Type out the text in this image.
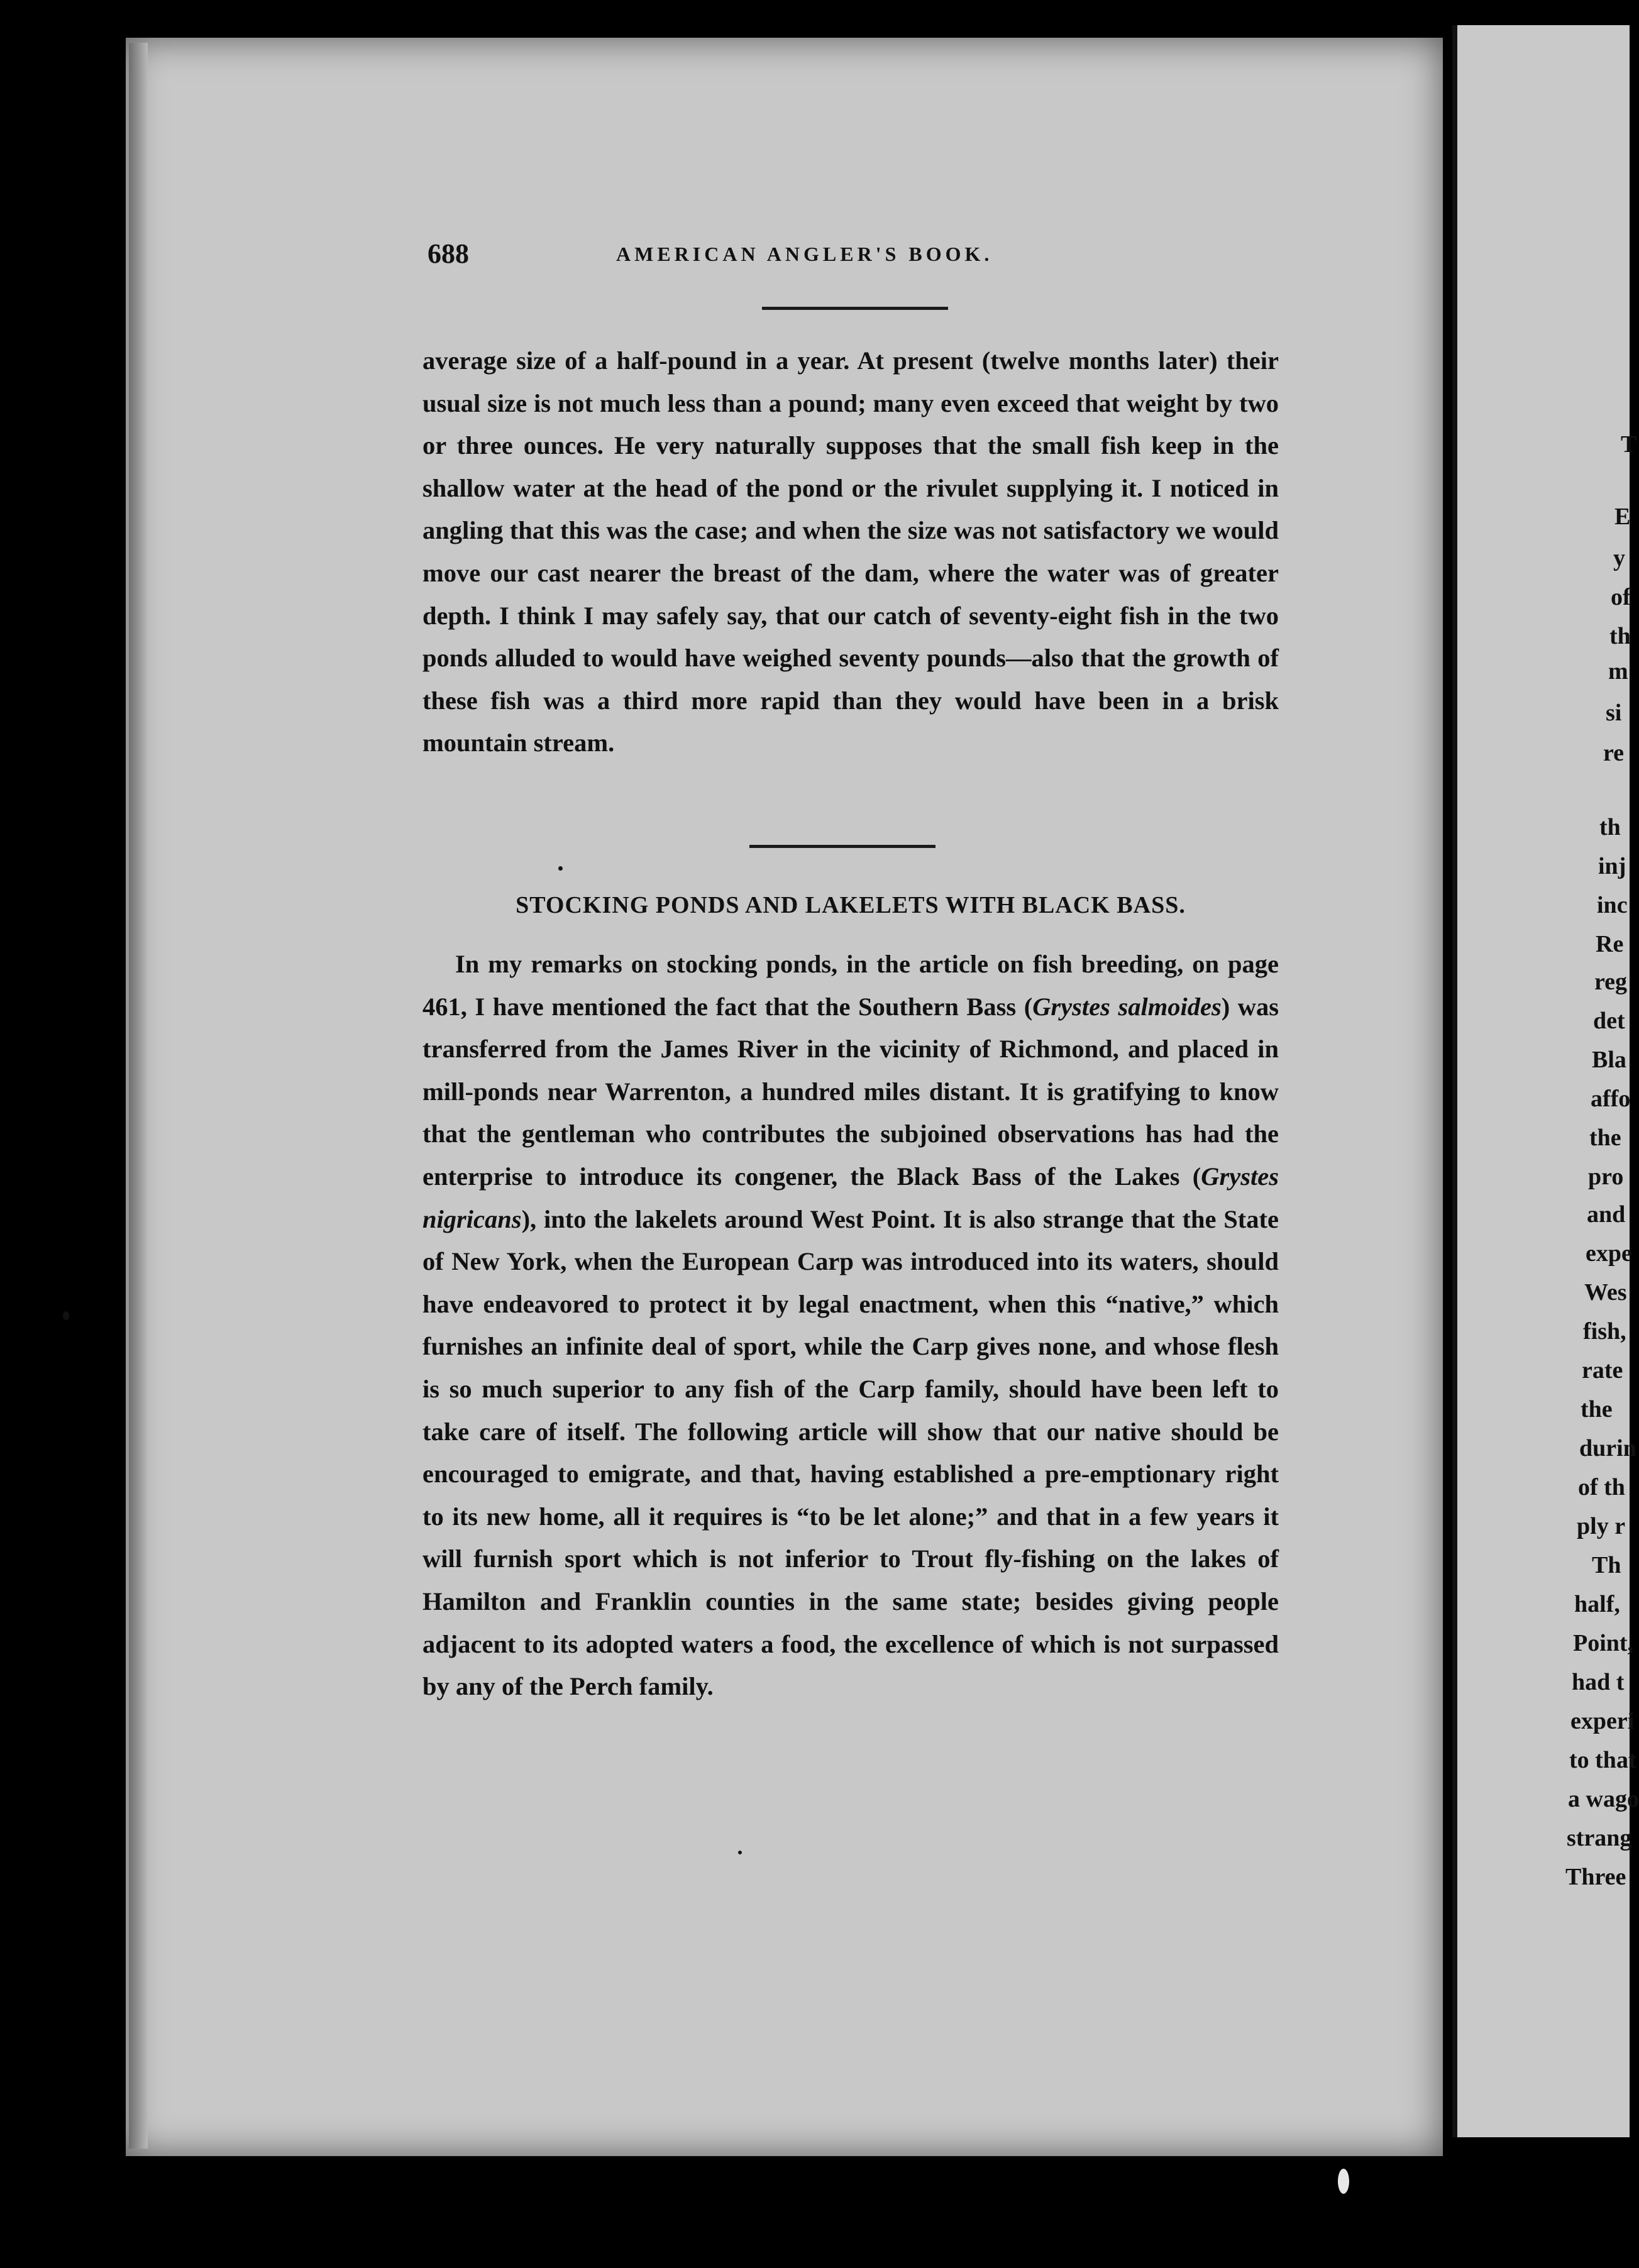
T
E
y
of
th
m
si
re
th
inj
inc
Re
reg
det
Bla
affo
the
pro
and
expe
Wes
fish,
rate
the
durin
of th
ply r
Th
half,
Point,
had t
experi
to that
a wago
strang
Three
688	AMERICAN ANGLER'S BOOK.

average size of a half-pound in a year. At present (twelve months later) their usual size is not much less than a pound; many even exceed that weight by two or three ounces. He very naturally supposes that the small fish keep in the shallow water at the head of the pond or the rivulet supplying it. I noticed in angling that this was the case; and when the size was not satisfactory we would move our cast nearer the breast of the dam, where the water was of greater depth. I think I may safely say, that our catch of seventy-eight fish in the two ponds alluded to would have weighed seventy pounds—also that the growth of these fish was a third more rapid than they would have been in a brisk mountain stream.

STOCKING PONDS AND LAKELETS WITH BLACK BASS.

In my remarks on stocking ponds, in the article on fish breeding, on page 461, I have mentioned the fact that the Southern Bass (Grystes salmoides) was transferred from the James River in the vicinity of Richmond, and placed in mill-ponds near Warrenton, a hundred miles distant. It is gratifying to know that the gentleman who contributes the subjoined observations has had the enterprise to introduce its congener, the Black Bass of the Lakes (Grystes nigricans), into the lakelets around West Point. It is also strange that the State of New York, when the European Carp was introduced into its waters, should have endeavored to protect it by legal enactment, when this “native,” which furnishes an infinite deal of sport, while the Carp gives none, and whose flesh is so much superior to any fish of the Carp family, should have been left to take care of itself. The following article will show that our native should be encouraged to emigrate, and that, having established a pre-emptionary right to its new home, all it requires is “to be let alone;” and that in a few years it will furnish sport which is not inferior to Trout fly-fishing on the lakes of Hamilton and Franklin counties in the same state; besides giving people adjacent to its adopted waters a food, the excellence of which is not surpassed by any of the Perch family.
